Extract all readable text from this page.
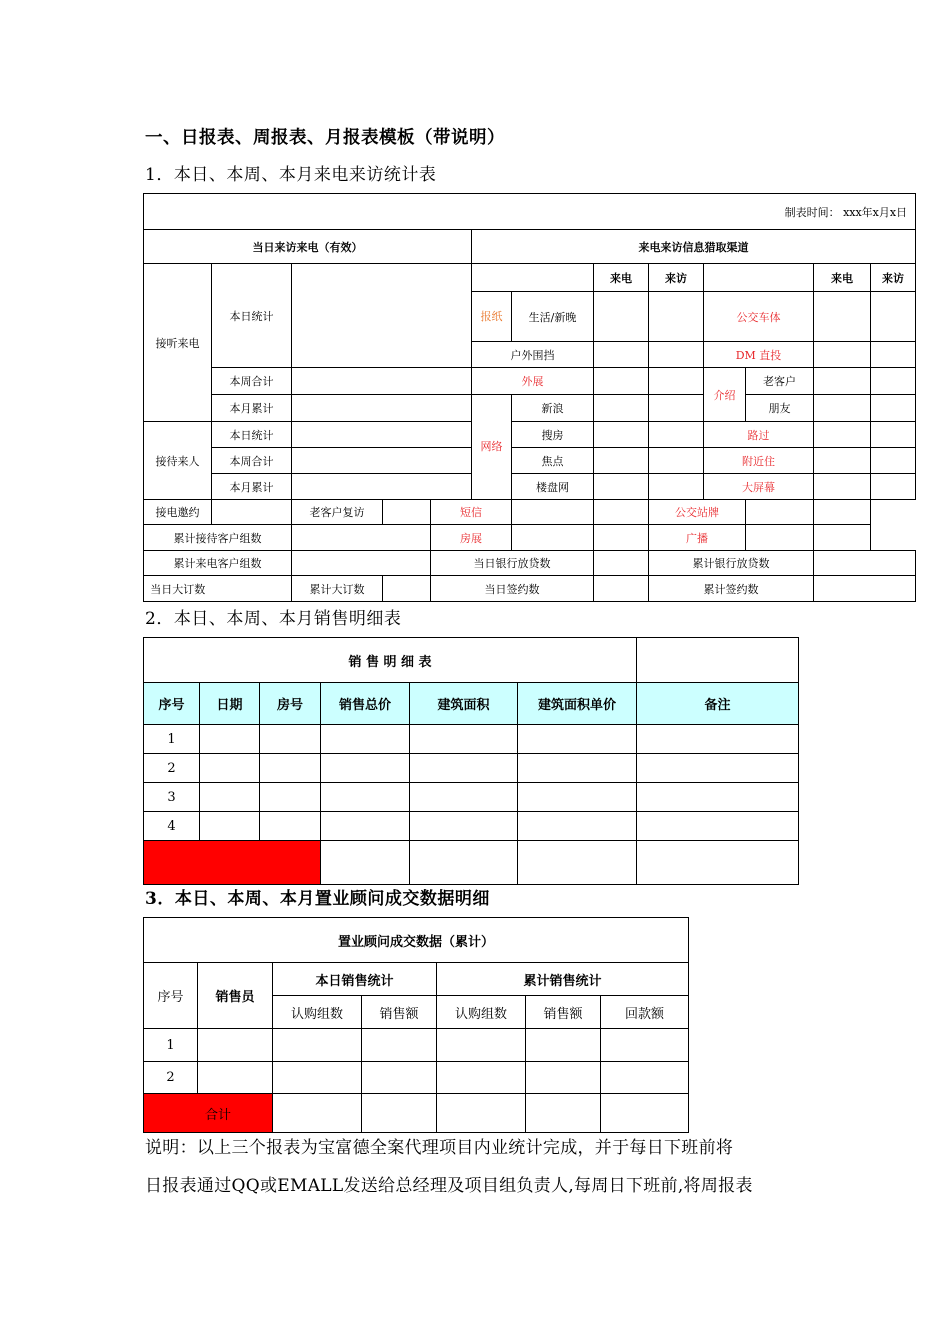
一、日报表、周报表、月报表模板（带说明）
1．本日、本周、本月来电来访统计表
制表时间： xxx年x月x日												
当日来访来电（有效）					来电来访信息猎取渠道							
接听来电	本日统计						来电	来访			来电	来访
					报纸	生活/新晚			公交车体			
					户外围挡				DM 直投			
	本周合计				外展				介绍	老客户		
	本月累计				网络	新浪				朋友		
接待来人	本日统计					搜房			路过			
	本周合计					焦点			附近住			
	本月累计					楼盘网			大屏幕			
接电邀约		老客户复访		短信				公交站牌				
累计接待客户组数				房展				广播				
累计来电客户组数				当日银行放贷数				累计银行放贷数				
当日大订数		累计大订数		当日签约数				累计签约数				
2．本日、本周、本月销售明细表
销 售 明 细 表						
序号	日期	房号	销售总价	建筑面积	建筑面积单价	备注
1						
2						
3						
4						

3．本日、本周、本月置业顾问成交数据明细
置业顾问成交数据（累计）						
序号	销售员	本日销售统计		累计销售统计		
		认购组数	销售额	认购组数	销售额	回款额
1						
2						
合计						
说明：以上三个报表为宝富德全案代理项目内业统计完成，并于每日下班前将
日报表通过QQ或EMALL发送给总经理及项目组负责人,每周日下班前,将周报表
